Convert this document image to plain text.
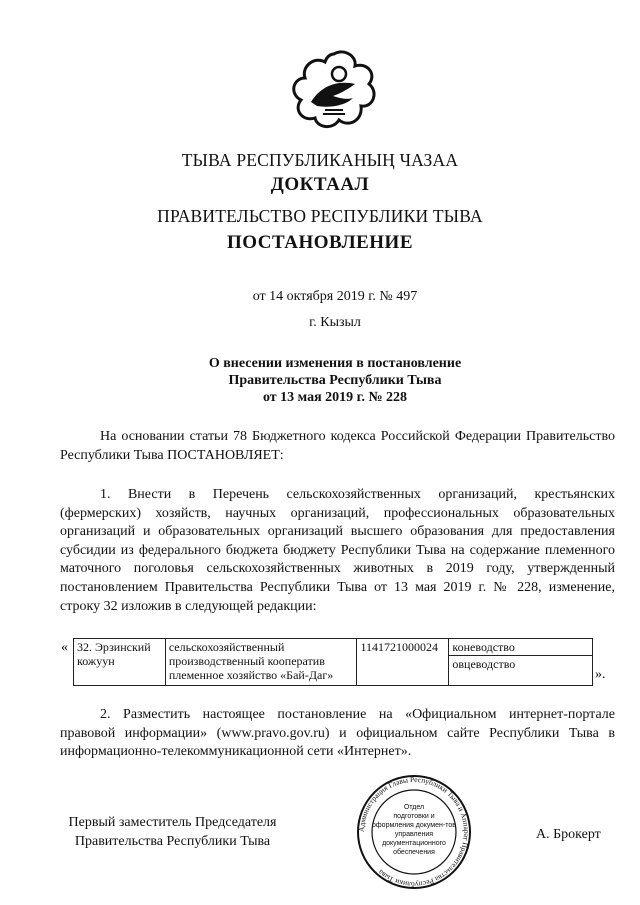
ТЫВА РЕСПУБЛИКАНЫҢ ЧАЗАА
ДОКТААЛ
ПРАВИТЕЛЬСТВО РЕСПУБЛИКИ ТЫВА
ПОСТАНОВЛЕНИЕ
от 14 октября 2019 г. № 497
г. Кызыл
О внесении изменения в постановление
Правительства Республики Тыва
от 13 мая 2019 г. № 228
На основании статьи 78 Бюджетного кодекса Российской Федерации Правительство Республики Тыва ПОСТАНОВЛЯЕТ:
1. Внести в Перечень сельскохозяйственных организаций, крестьянских (фермерских) хозяйств, научных организаций, профессиональных образовательных организаций и образовательных организаций высшего образования для предоставления субсидии из федерального бюджета бюджету Республики Тыва на содержание племенного маточного поголовья сельскохозяйственных животных в 2019 году, утвержденный постановлением Правительства Республики Тыва от 13 мая 2019 г. № 228, изменение, строку 32 изложив в следующей редакции:
« 32. Эрзинский кожуун	сельскохозяйственный производственный кооператив племенное хозяйство «Бай-Даг»	1141721000024	коневодство
овцеводство
».
2. Разместить настоящее постановление на «Официальном интернет-портале правовой информации» (www.pravo.gov.ru) и официальном сайте Республики Тыва в информационно-телекоммуникационной сети «Интернет».
Первый заместитель Председателя
Правительства Республики Тыва
Администрация Главы Республики Тыва и Аппарат Правительства Республики Тыва
Отдел
подготовки и
оформления докумен-тов
управления
документационного
обеспечения
А. Брокерт
